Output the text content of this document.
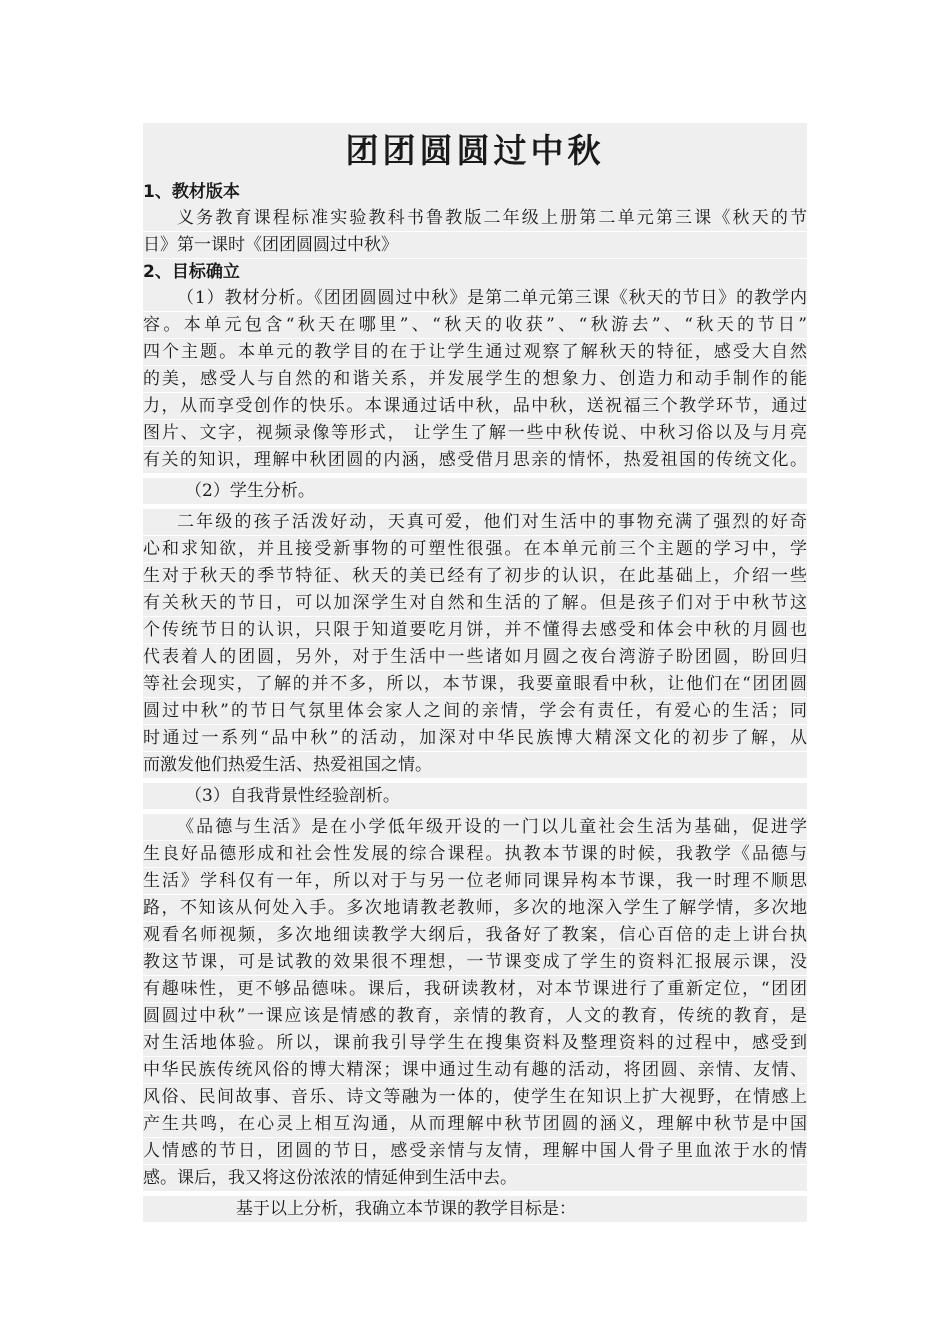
团团圆圆过中秋
1、教材版本
义务教育课程标准实验教科书鲁教版二年级上册第二单元第三课《秋天的节
日》第一课时《团团圆圆过中秋》
2、目标确立
（1）教材分析。《团团圆圆过中秋》是第二单元第三课《秋天的节日》的教学内
容。本单元包含“秋天在哪里”、“秋天的收获”、“秋游去”、“秋天的节日”
四个主题。本单元的教学目的在于让学生通过观察了解秋天的特征，感受大自然
的美，感受人与自然的和谐关系，并发展学生的想象力、创造力和动手制作的能
力，从而享受创作的快乐。本课通过话中秋，品中秋，送祝福三个教学环节，通过
图片、文字，视频录像等形式， 让学生了解一些中秋传说、中秋习俗以及与月亮
有关的知识，理解中秋团圆的内涵，感受借月思亲的情怀，热爱祖国的传统文化。
（2）学生分析。
二年级的孩子活泼好动，天真可爱，他们对生活中的事物充满了强烈的好奇
心和求知欲，并且接受新事物的可塑性很强。在本单元前三个主题的学习中，学
生对于秋天的季节特征、秋天的美已经有了初步的认识，在此基础上，介绍一些
有关秋天的节日，可以加深学生对自然和生活的了解。但是孩子们对于中秋节这
个传统节日的认识，只限于知道要吃月饼，并不懂得去感受和体会中秋的月圆也
代表着人的团圆，另外，对于生活中一些诸如月圆之夜台湾游子盼团圆，盼回归
等社会现实，了解的并不多，所以，本节课，我要童眼看中秋，让他们在“团团圆
圆过中秋”的节日气氛里体会家人之间的亲情，学会有责任，有爱心的生活；同
时通过一系列“品中秋”的活动，加深对中华民族博大精深文化的初步了解，从
而激发他们热爱生活、热爱祖国之情。
（3）自我背景性经验剖析。
《品德与生活》是在小学低年级开设的一门以儿童社会生活为基础，促进学
生良好品德形成和社会性发展的综合课程。执教本节课的时候，我教学《品德与
生活》学科仅有一年，所以对于与另一位老师同课异构本节课，我一时理不顺思
路，不知该从何处入手。多次地请教老教师，多次的地深入学生了解学情，多次地
观看名师视频，多次地细读教学大纲后，我备好了教案，信心百倍的走上讲台执
教这节课，可是试教的效果很不理想，一节课变成了学生的资料汇报展示课，没
有趣味性，更不够品德味。课后，我研读教材，对本节课进行了重新定位，“团团
圆圆过中秋”一课应该是情感的教育，亲情的教育，人文的教育，传统的教育，是
对生活地体验。所以，课前我引导学生在搜集资料及整理资料的过程中，感受到
中华民族传统风俗的博大精深；课中通过生动有趣的活动，将团圆、亲情、友情、
风俗、民间故事、音乐、诗文等融为一体的，使学生在知识上扩大视野，在情感上
产生共鸣，在心灵上相互沟通，从而理解中秋节团圆的涵义，理解中秋节是中国
人情感的节日，团圆的节日，感受亲情与友情，理解中国人骨子里血浓于水的情
感。课后，我又将这份浓浓的情延伸到生活中去。
基于以上分析，我确立本节课的教学目标是：
